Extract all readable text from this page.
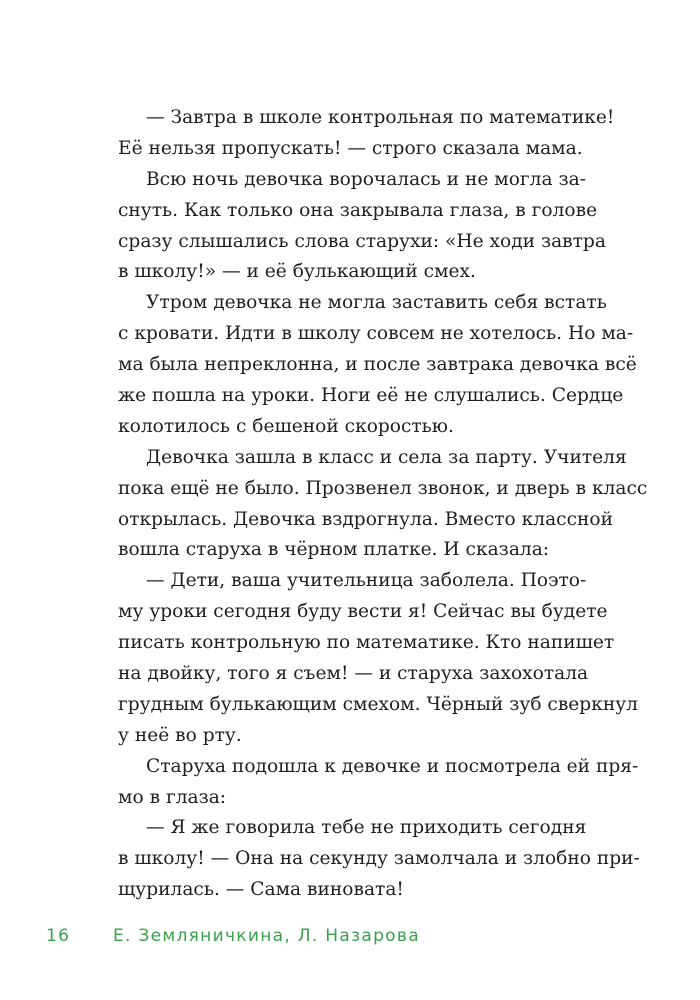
— Завтра в школе контрольная по математике!
Её нельзя пропускать! — строго сказала мама.
Всю ночь девочка ворочалась и не могла за-
снуть. Как только она закрывала глаза, в голове
сразу слышались слова старухи: «Не ходи завтра
в школу!» — и её булькающий смех.
Утром девочка не могла заставить себя встать
с кровати. Идти в школу совсем не хотелось. Но ма-
ма была непреклонна, и после завтрака девочка всё
же пошла на уроки. Ноги её не слушались. Сердце
колотилось с бешеной скоростью.
Девочка зашла в класс и села за парту. Учителя
пока ещё не было. Прозвенел звонок, и дверь в класс
открылась. Девочка вздрогнула. Вместо классной
вошла старуха в чёрном платке. И сказала:
— Дети, ваша учительница заболела. Поэто-
му уроки сегодня буду вести я! Сейчас вы будете
писать контрольную по математике. Кто напишет
на двойку, того я съем! — и старуха захохотала
грудным булькающим смехом. Чёрный зуб сверкнул
у неё во рту.
Старуха подошла к девочке и посмотрела ей пря-
мо в глаза:
— Я же говорила тебе не приходить сегодня
в школу! — Она на секунду замолчала и злобно при-
щурилась. — Сама виновата!
16	Е. Земляничкина, Л. Назарова
